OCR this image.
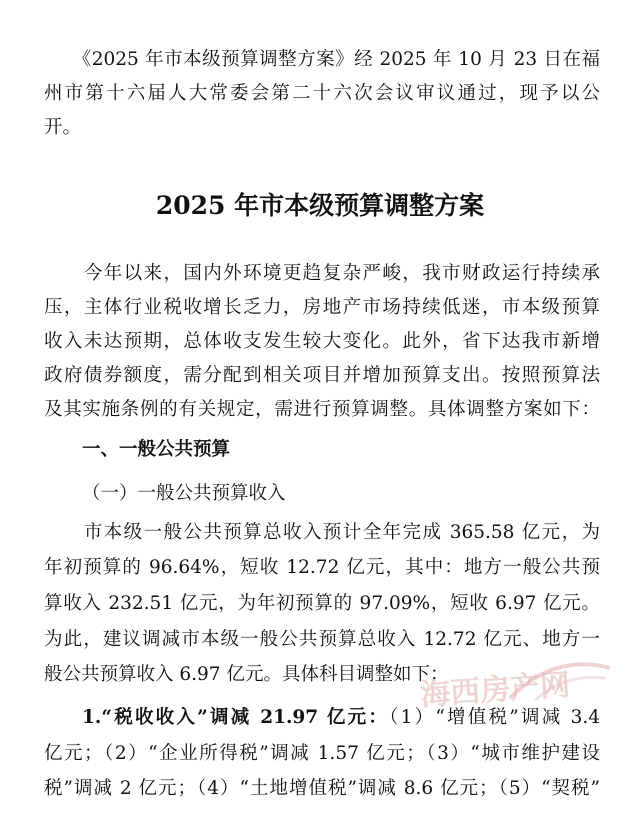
　　《2025 年市本级预算调整方案》经 2025 年 10 月 23 日在福
州市第十六届人大常委会第二十六次会议审议通过，现予以公
开。
2025 年市本级预算调整方案
　　今年以来，国内外环境更趋复杂严峻，我市财政运行持续承
压，主体行业税收增长乏力，房地产市场持续低迷，市本级预算
收入未达预期，总体收支发生较大变化。此外，省下达我市新增
政府债券额度，需分配到相关项目并增加预算支出。按照预算法
及其实施条例的有关规定，需进行预算调整。具体调整方案如下：
一、一般公共预算
（一）一般公共预算收入
　　市本级一般公共预算总收入预计全年完成 365.58 亿元，为
年初预算的 96.64%，短收 12.72 亿元，其中：地方一般公共预
算收入 232.51 亿元，为年初预算的 97.09%，短收 6.97 亿元。
为此，建议调减市本级一般公共预算总收入 12.72 亿元、地方一
般公共预算收入 6.97 亿元。具体科目调整如下：
1.“税收收入”调减 21.97 亿元：（1）“增值税”调减 3.4
亿元；（2）“企业所得税”调减 1.57 亿元；（3）“城市维护建设
税”调减 2 亿元；（4）“土地增值税”调减 8.6 亿元；（5）“契税”
海西房产网
